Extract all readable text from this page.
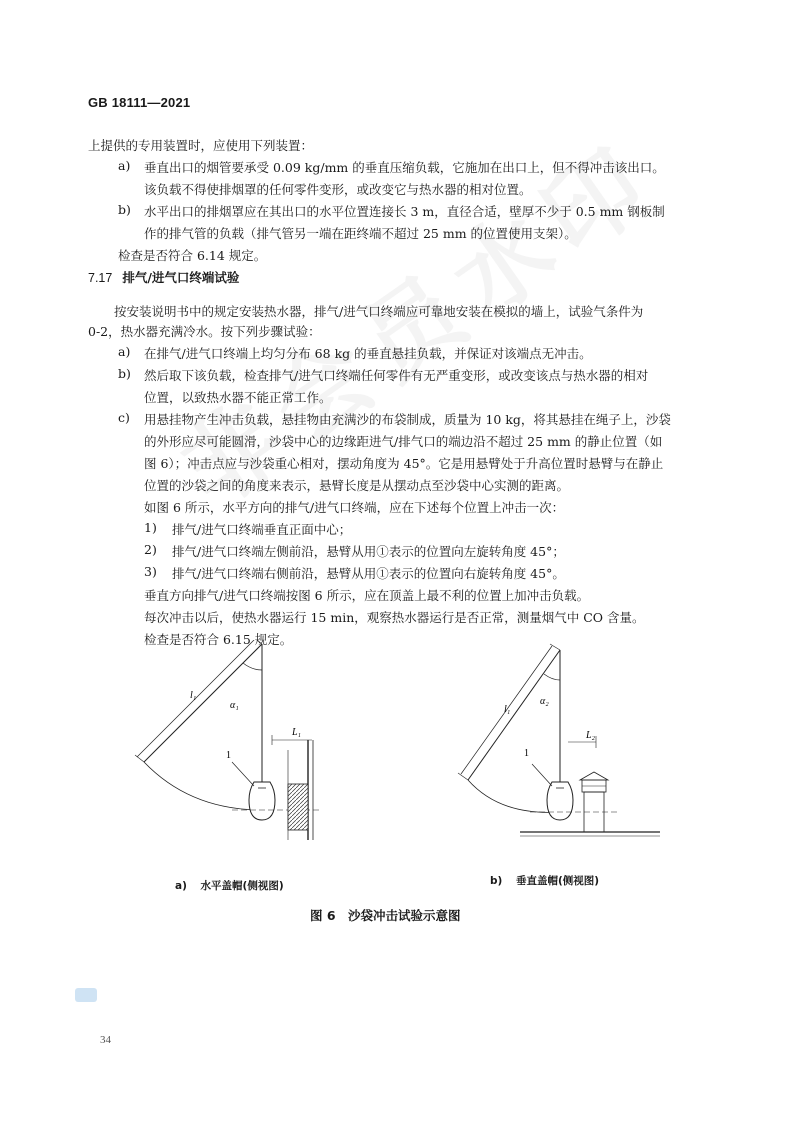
GB 18111—2021
上提供的专用装置时，应使用下列装置：
a) 垂直出口的烟管要承受 0.09 kg/mm 的垂直压缩负载，它施加在出口上，但不得冲击该出口。
该负载不得使排烟罩的任何零件变形，或改变它与热水器的相对位置。
b) 水平出口的排烟罩应在其出口的水平位置连接长 3 m，直径合适，壁厚不少于 0.5 mm 钢板制
作的排气管的负载（排气管另一端在距终端不超过 25 mm 的位置使用支架）。
检查是否符合 6.14 规定。
7.17 排气/进气口终端试验
按安装说明书中的规定安装热水器，排气/进气口终端应可靠地安装在模拟的墙上，试验气条件为
0-2，热水器充满冷水。按下列步骤试验：
a) 在排气/进气口终端上均匀分布 68 kg 的垂直悬挂负载，并保证对该端点无冲击。
b) 然后取下该负载，检查排气/进气口终端任何零件有无严重变形，或改变该点与热水器的相对
位置，以致热水器不能正常工作。
c) 用悬挂物产生冲击负载，悬挂物由充满沙的布袋制成，质量为 10 kg，将其悬挂在绳子上，沙袋
的外形应尽可能圆滑，沙袋中心的边缘距进气/排气口的端边沿不超过 25 mm 的静止位置（如
图 6）；冲击点应与沙袋重心相对，摆动角度为 45°。它是用悬臂处于升高位置时悬臂与在静止
位置的沙袋之间的角度来表示，悬臂长度是从摆动点至沙袋中心实测的距离。
如图 6 所示，水平方向的排气/进气口终端，应在下述每个位置上冲击一次：
1) 排气/进气口终端垂直正面中心；
2) 排气/进气口终端左侧前沿，悬臂从用①表示的位置向左旋转角度 45°；
3) 排气/进气口终端右侧前沿，悬臂从用①表示的位置向右旋转角度 45°。
垂直方向排气/进气口终端按图 6 所示，应在顶盖上最不利的位置上加冲击负载。
每次冲击以后，使热水器运行 15 min，观察热水器运行是否正常，测量烟气中 CO 含量。
检查是否符合 6.15 规定。
l₁
α₁
L₁
1
l₁
α₂
L₂
1
a) 水平盖帽(侧视图)	b) 垂直盖帽(侧视图)
图 6　沙袋冲击试验示意图
34
